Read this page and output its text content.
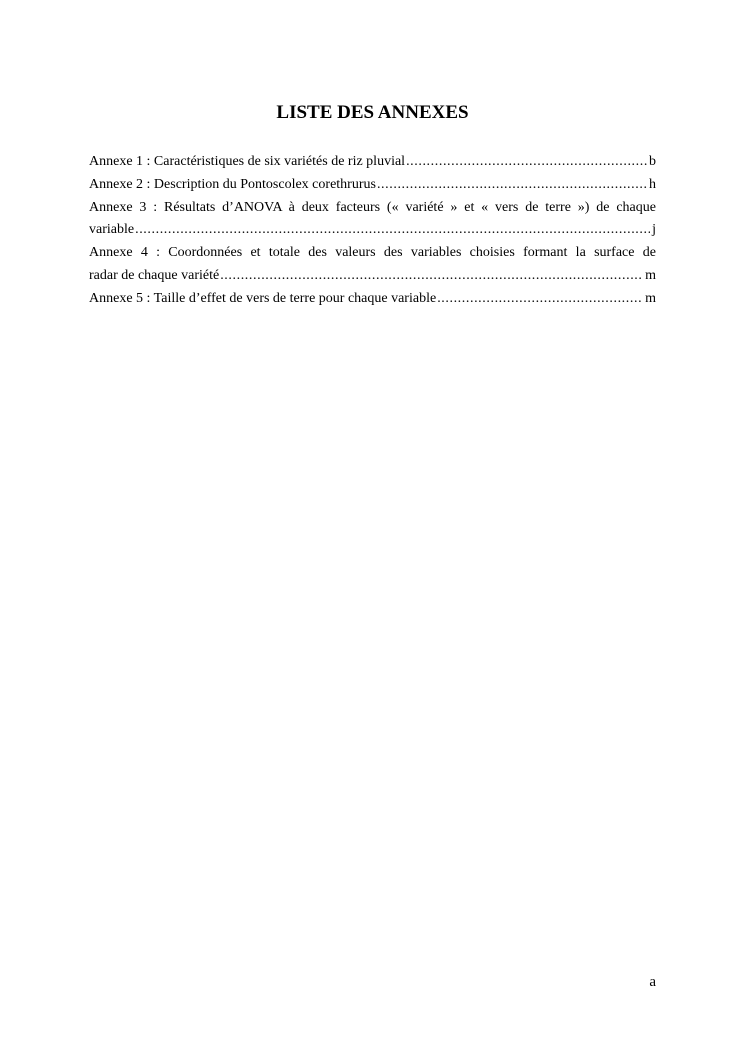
LISTE DES ANNEXES
Annexe 1 : Caractéristiques de six variétés de riz pluvial .....	b
Annexe 2 : Description du Pontoscolex corethrurus .....	h
Annexe 3 : Résultats d’ANOVA à deux facteurs (« variété » et « vers de terre ») de chaque
variable .....	j
Annexe 4 : Coordonnées et totale des valeurs des variables choisies formant la surface de
radar de chaque variété .....	m
Annexe 5 : Taille d’effet de vers de terre pour chaque variable .....	m
a
